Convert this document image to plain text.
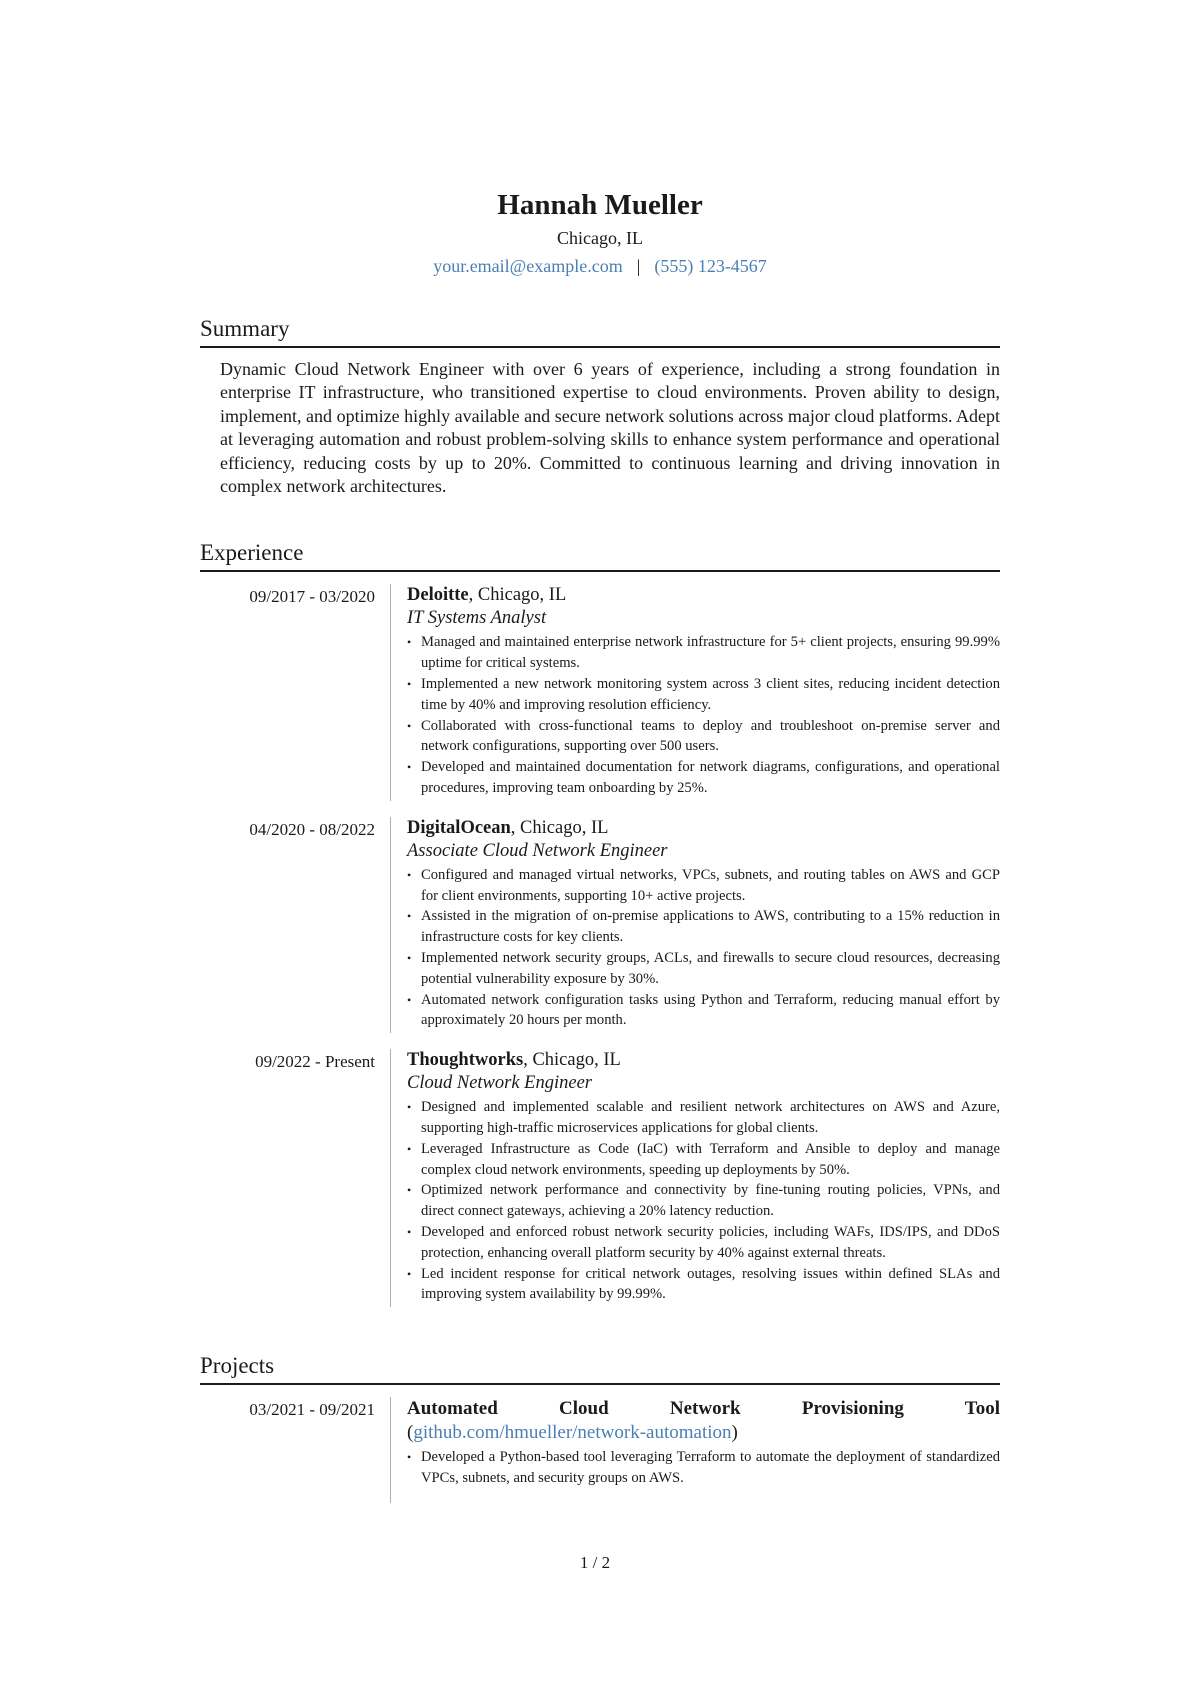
Hannah Mueller
Chicago, IL
your.email@example.com | (555) 123-4567
Summary

Dynamic Cloud Network Engineer with over 6 years of experience, including a strong foundation in enterprise IT infrastructure, who transitioned expertise to cloud environments. Proven ability to design, implement, and optimize highly available and secure network solutions across major cloud platforms. Adept at leveraging automation and robust problem-solving skills to enhance system performance and operational efficiency, reducing costs by up to 20%. Committed to continuous learning and driving innovation in complex network architectures.

Experience
09/2017 - 03/2020 Deloitte, Chicago, IL
IT Systems Analyst
• Managed and maintained enterprise network infrastructure for 5+ client projects, ensuring 99.99% uptime for critical systems.
• Implemented a new network monitoring system across 3 client sites, reducing incident detection time by 40% and improving resolution efficiency.
• Collaborated with cross-functional teams to deploy and troubleshoot on-premise server and network configurations, supporting over 500 users.
• Developed and maintained documentation for network diagrams, configurations, and operational procedures, improving team onboarding by 25%.
04/2020 - 08/2022 DigitalOcean, Chicago, IL
Associate Cloud Network Engineer
• Configured and managed virtual networks, VPCs, subnets, and routing tables on AWS and GCP for client environments, supporting 10+ active projects.
• Assisted in the migration of on-premise applications to AWS, contributing to a 15% reduction in infrastructure costs for key clients.
• Implemented network security groups, ACLs, and firewalls to secure cloud resources, decreasing potential vulnerability exposure by 30%.
• Automated network configuration tasks using Python and Terraform, reducing manual effort by approximately 20 hours per month.
09/2022 - Present Thoughtworks, Chicago, IL
Cloud Network Engineer
• Designed and implemented scalable and resilient network architectures on AWS and Azure, supporting high-traffic microservices applications for global clients.
• Leveraged Infrastructure as Code (IaC) with Terraform and Ansible to deploy and manage complex cloud network environments, speeding up deployments by 50%.
• Optimized network performance and connectivity by fine-tuning routing policies, VPNs, and direct connect gateways, achieving a 20% latency reduction.
• Developed and enforced robust network security policies, including WAFs, IDS/IPS, and DDoS protection, enhancing overall platform security by 40% against external threats.
• Led incident response for critical network outages, resolving issues within defined SLAs and improving system availability by 99.99%.
Projects
03/2021 - 09/2021 Automated Cloud Network Provisioning Tool (github.com/hmueller/network-automation)
• Developed a Python-based tool leveraging Terraform to automate the deployment of standardized VPCs, subnets, and security groups on AWS.
1 / 2
